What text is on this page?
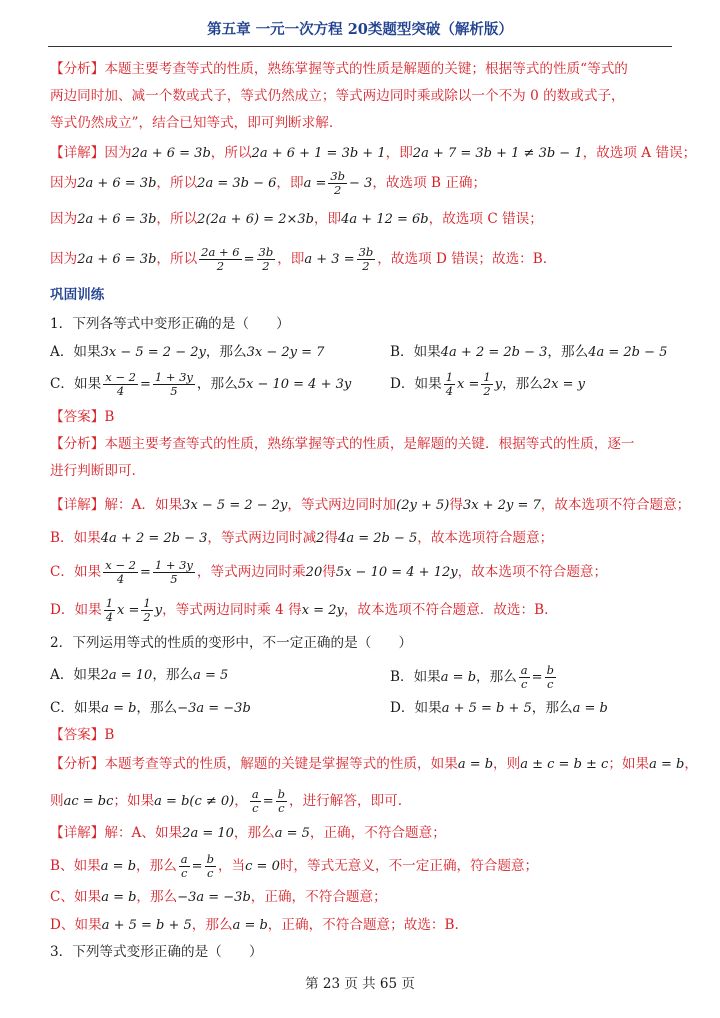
第五章 一元一次方程 20类题型突破（解析版）
【分析】本题主要考查等式的性质，熟练掌握等式的性质是解题的关键；根据等式的性质“等式的
两边同时加、减一个数或式子，等式仍然成立；等式两边同时乘或除以一个不为 0 的数或式子，
等式仍然成立”，结合已知等式，即可判断求解.
【详解】因为2a + 6 = 3b，所以2a + 6 + 1 = 3b + 1，即2a + 7 = 3b + 1 ≠ 3b − 1，故选项 A 错误；
因为2a + 6 = 3b，所以2a = 3b − 6，即$a = \frac{3b}{2} - 3$，故选项 B 正确；
因为2a + 6 = 3b，所以2(2a + 6) = 2×3b，即4a + 12 = 6b，故选项 C 错误；
因为2a + 6 = 3b，所以 $\frac{2a + 6}{2} = \frac{3b}{2}$ ，即$a + 3 = \frac{3b}{2}$ ，故选项 D 错误；故选：B.
巩固训练
1．下列各等式中变形正确的是（　　）
A．如果3x − 5 = 2 − 2y，那么3x − 2y = 7	B．如果4a + 2 = 2b − 3，那么4a = 2b − 5
C．如果 $\frac{x - 2}{4} = \frac{1 + 3y}{5}$ ，那么5x − 10 = 4 + 3y	D．如果 $\frac{1}{4}$ $x = \frac{1}{2}$ y，那么2x = y
【答案】B
【分析】本题主要考查等式的性质，熟练掌握等式的性质，是解题的关键．根据等式的性质，逐一
进行判断即可.
【详解】解：A．如果3x − 5 = 2 − 2y，等式两边同时加(2y + 5)得3x + 2y = 7，故本选项不符合题意；
B．如果4a + 2 = 2b − 3，等式两边同时减2得4a = 2b − 5，故本选项符合题意；
C．如果 $\frac{x - 2}{4} = \frac{1 + 3y}{5}$ ，等式两边同时乘20得5x − 10 = 4 + 12y，故本选项不符合题意；
D．如果 $\frac{1}{4}$ $x = \frac{1}{2}$ y，等式两边同时乘 4 得x = 2y，故本选项不符合题意．故选：B.
2．下列运用等式的性质的变形中，不一定正确的是（　　）
A．如果2a = 10，那么a = 5	B．如果a = b，那么 $\frac{a}{c} = \frac{b}{c}$
C．如果a = b，那么−3a = −3b	D．如果a + 5 = b + 5，那么a = b
【答案】B
【分析】本题考查等式的性质，解题的关键是掌握等式的性质，如果a = b，则a ± c = b ± c；如果a = b，
则ac = bc；如果a = b(c ≠ 0)， $\frac{a}{c} = \frac{b}{c}$ ，进行解答，即可.
【详解】解：A、如果2a = 10，那么a = 5，正确，不符合题意；
B、如果a = b，那么 $\frac{a}{c} = \frac{b}{c}$ ，当c = 0时，等式无意义，不一定正确，符合题意；
C、如果a = b，那么−3a = −3b，正确，不符合题意；
D、如果a + 5 = b + 5，那么a = b，正确，不符合题意；故选：B.
3．下列等式变形正确的是（　　）
第 23 页 共 65 页
